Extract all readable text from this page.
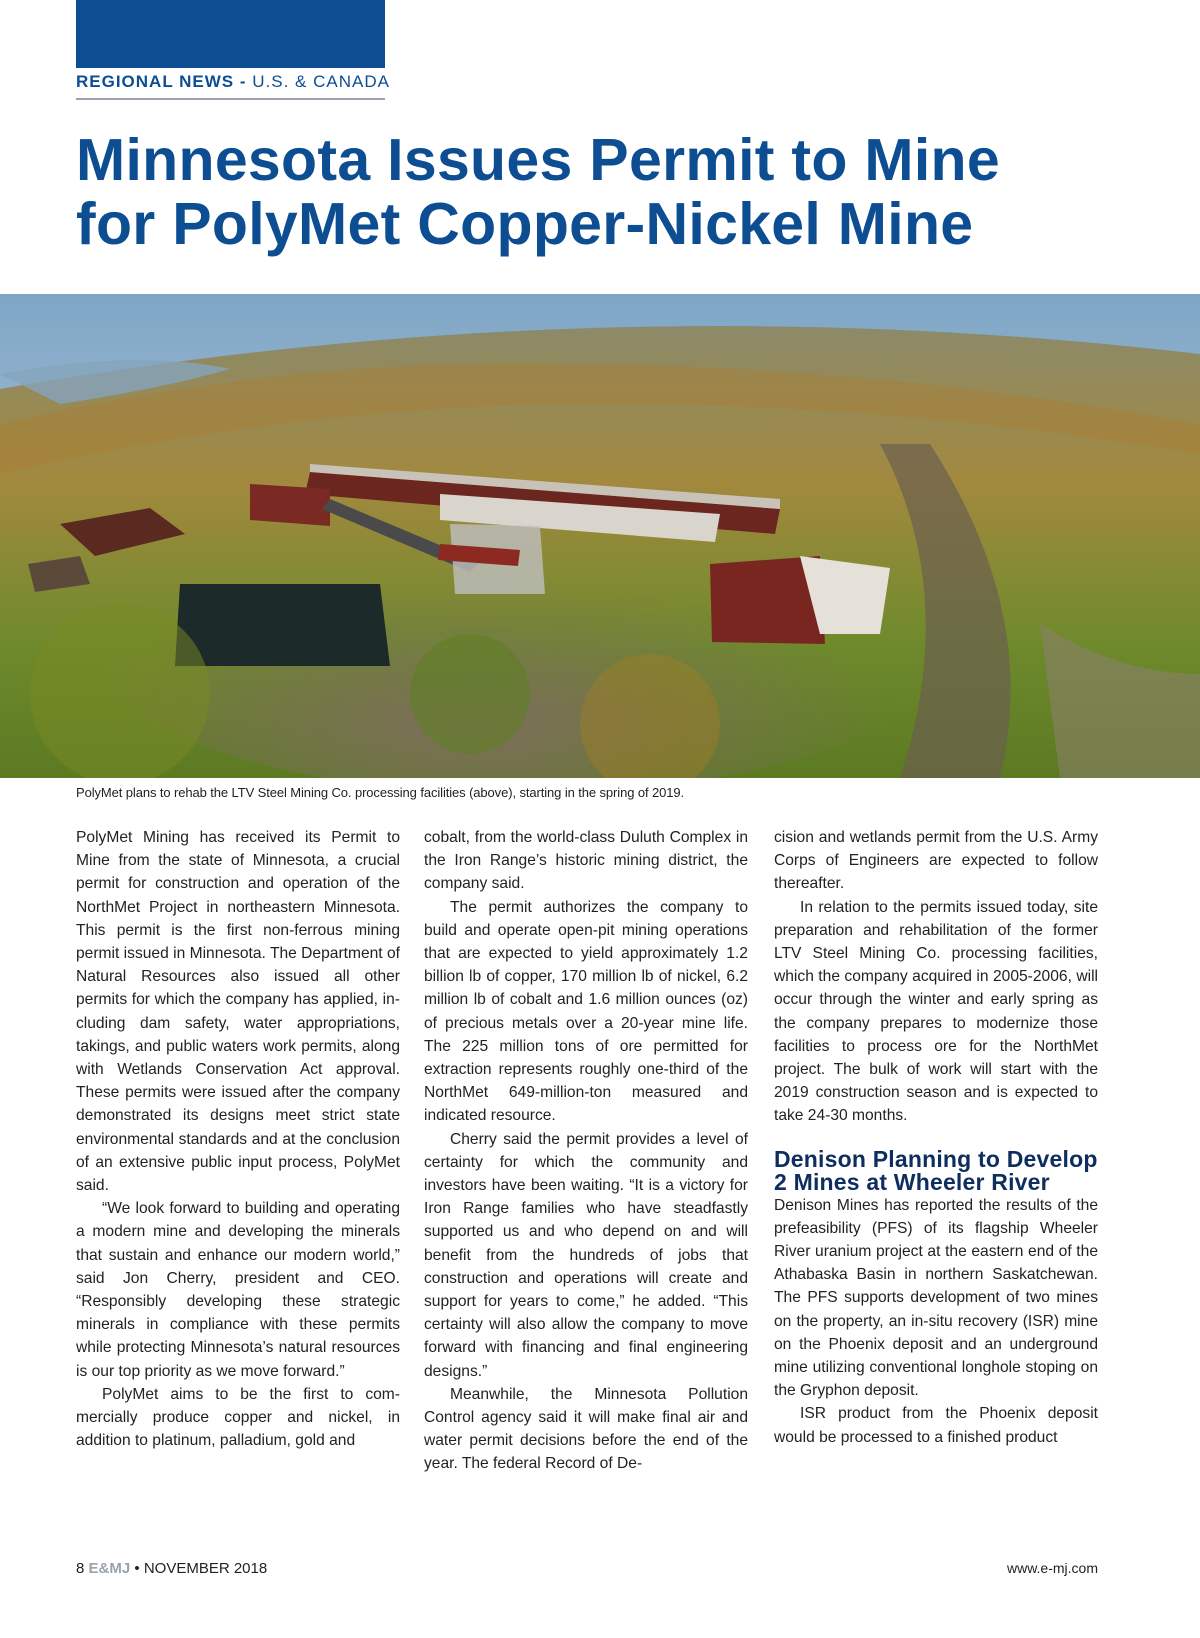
REGIONAL NEWS - U.S. & CANADA
Minnesota Issues Permit to Mine
for PolyMet Copper-Nickel Mine
PolyMet plans to rehab the LTV Steel Mining Co. processing facilities (above), starting in the spring of 2019.

PolyMet Mining has received its Permit to Mine from the state of Minnesota, a crucial permit for construction and operation of the NorthMet Project in northeastern Minnesota. This permit is the first non-ferrous mining permit issued in Minnesota. The Department of Natural Resources also issued all other permits for which the company has applied, including dam safety, water appropriations, takings, and public waters work permits, along with Wetlands Conservation Act approval. These permits were issued after the company demonstrated its designs meet strict state environmental standards and at the conclusion of an extensive public input process, PolyMet said.

“We look forward to building and operating a modern mine and developing the minerals that sustain and enhance our modern world,” said Jon Cherry, president and CEO. “Responsibly developing these strategic minerals in compliance with these permits while protecting Minnesota’s natural resources is our top priority as we move forward.”

PolyMet aims to be the first to commercially produce copper and nickel, in addition to platinum, palladium, gold and

cobalt, from the world-class Duluth Complex in the Iron Range’s historic mining district, the company said.

The permit authorizes the company to build and operate open-pit mining operations that are expected to yield approximately 1.2 billion lb of copper, 170 million lb of nickel, 6.2 million lb of cobalt and 1.6 million ounces (oz) of precious metals over a 20-year mine life. The 225 million tons of ore permitted for extraction represents roughly one-third of the NorthMet 649-million-ton measured and indicated resource.

Cherry said the permit provides a level of certainty for which the community and investors have been waiting. “It is a victory for Iron Range families who have steadfastly supported us and who depend on and will benefit from the hundreds of jobs that construction and operations will create and support for years to come,” he added. “This certainty will also allow the company to move forward with financing and final engineering designs.”

Meanwhile, the Minnesota Pollution Control agency said it will make final air and water permit decisions before the end of the year. The federal Record of De-

cision and wetlands permit from the U.S. Army Corps of Engineers are expected to follow thereafter.

In relation to the permits issued today, site preparation and rehabilitation of the former LTV Steel Mining Co. processing facilities, which the company acquired in 2005-2006, will occur through the winter and early spring as the company prepares to modernize those facilities to process ore for the NorthMet project. The bulk of work will start with the 2019 construction season and is expected to take 24-30 months.

Denison Planning to Develop 2 Mines at Wheeler River

Denison Mines has reported the results of the prefeasibility (PFS) of its flagship Wheeler River uranium project at the eastern end of the Athabaska Basin in northern Saskatchewan. The PFS supports development of two mines on the property, an in-situ recovery (ISR) mine on the Phoenix deposit and an underground mine utilizing conventional longhole stoping on the Gryphon deposit.

ISR product from the Phoenix deposit would be processed to a finished product

8 E&MJ • NOVEMBER 2018	www.e-mj.com
